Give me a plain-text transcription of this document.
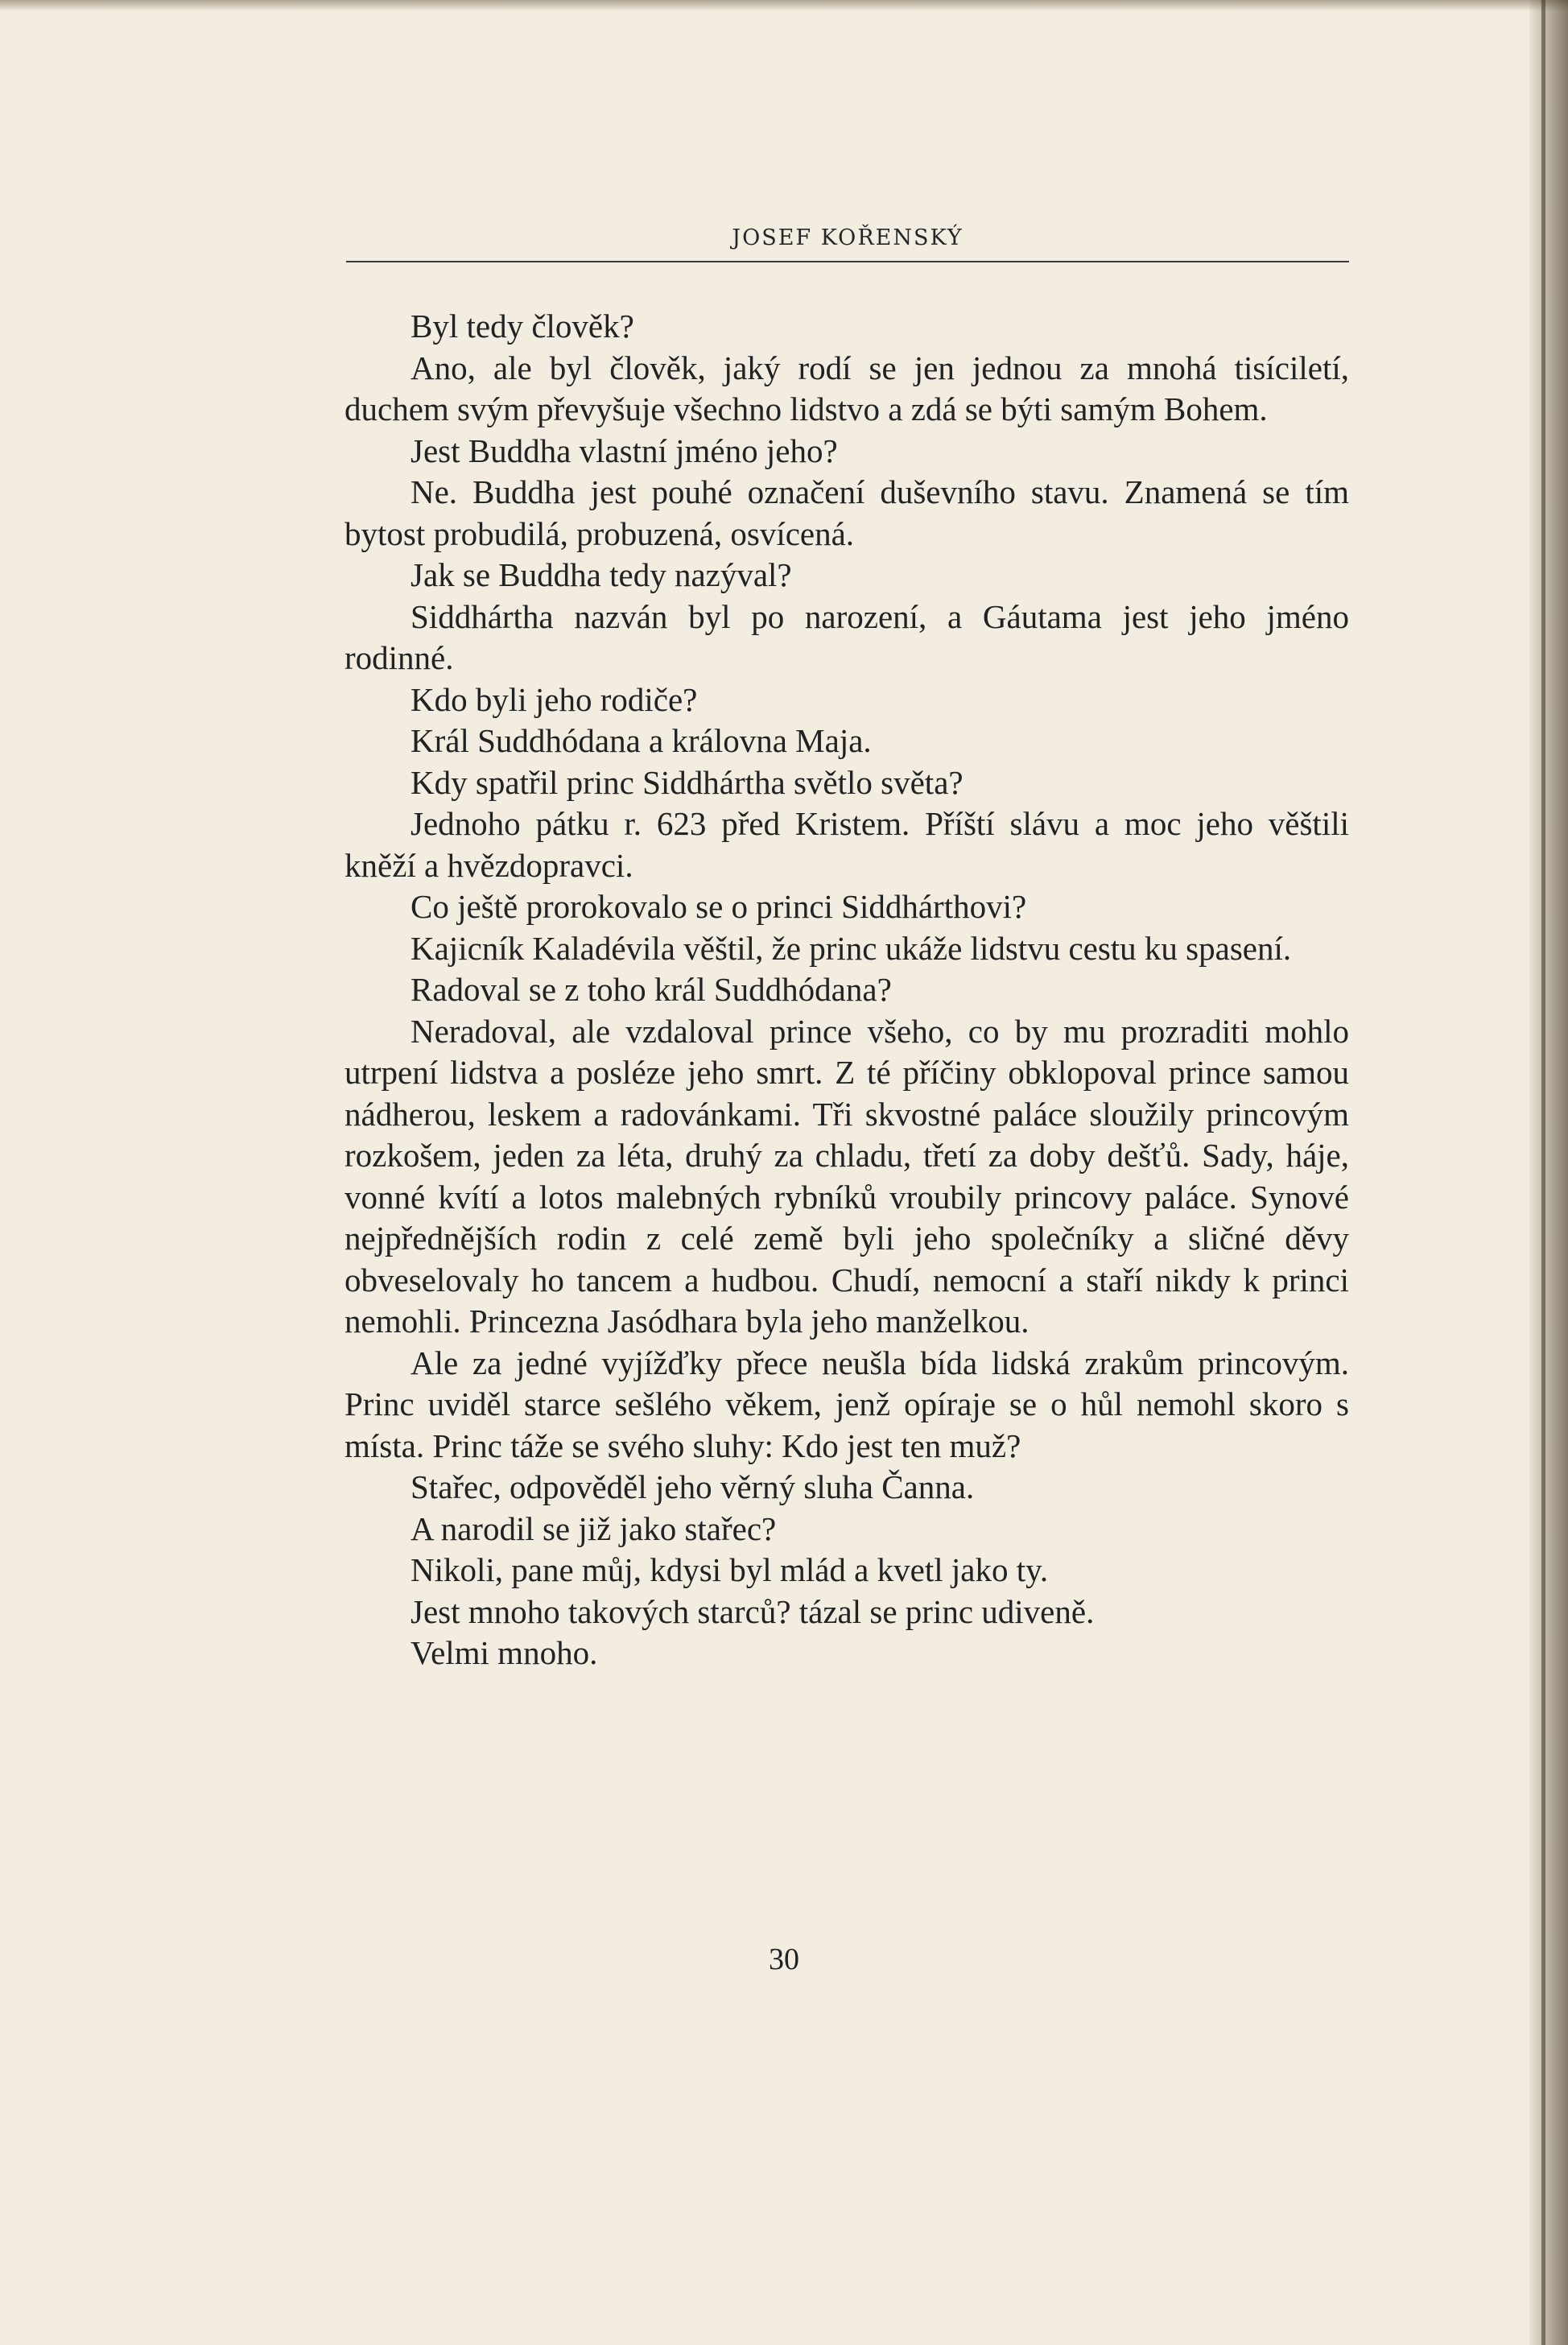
JOSEF KOŘENSKÝ

Byl tedy člověk?

Ano, ale byl člověk, jaký rodí se jen jednou za mnohá tisíciletí, duchem svým převyšuje všechno lidstvo a zdá se býti samým Bohem.

Jest Buddha vlastní jméno jeho?

Ne. Buddha jest pouhé označení duševního stavu. Znamená se tím bytost probudilá, probuzená, osvícená.

Jak se Buddha tedy nazýval?

Siddhártha nazván byl po narození, a Gáutama jest jeho jméno rodinné.

Kdo byli jeho rodiče?

Král Suddhódana a královna Maja.

Kdy spatřil princ Siddhártha světlo světa?

Jednoho pátku r. 623 před Kristem. Příští slávu a moc jeho věštili kněží a hvězdopravci.

Co ještě prorokovalo se o princi Siddhárthovi?

Kajicník Kaladévila věštil, že princ ukáže lidstvu cestu ku spasení.

Radoval se z toho král Suddhódana?

Neradoval, ale vzdaloval prince všeho, co by mu prozraditi mohlo utrpení lidstva a posléze jeho smrt. Z té příčiny obklopoval prince samou nádherou, leskem a radovánkami. Tři skvostné paláce sloužily princovým rozkošem, jeden za léta, druhý za chladu, třetí za doby dešťů. Sady, háje, vonné kvítí a lotos malebných rybníků vroubily princovy paláce. Synové nejpřednějších rodin z celé země byli jeho společníky a sličné děvy obveselovaly ho tancem a hudbou. Chudí, nemocní a staří nikdy k princi nemohli. Princezna Jasódhara byla jeho manželkou.

Ale za jedné vyjížďky přece neušla bída lidská zrakům princovým. Princ uviděl starce sešlého věkem, jenž opíraje se o hůl nemohl skoro s místa. Princ táže se svého sluhy: Kdo jest ten muž?

Stařec, odpověděl jeho věrný sluha Čanna.

A narodil se již jako stařec?

Nikoli, pane můj, kdysi byl mlád a kvetl jako ty.

Jest mnoho takových starců? tázal se princ udiveně.

Velmi mnoho.

30
